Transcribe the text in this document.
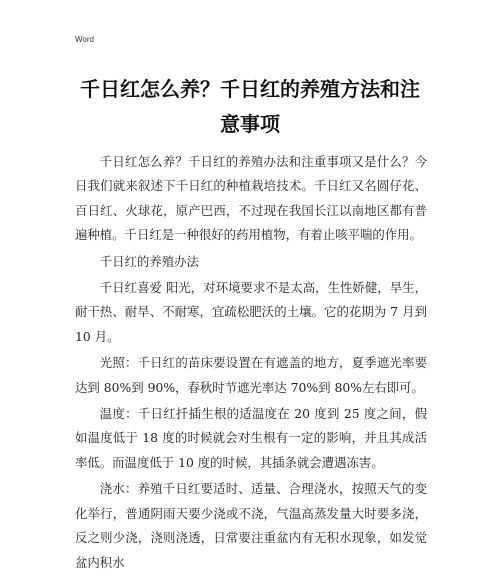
Word
千日红怎么养？千日红的养殖方法和注意事项

千日红怎么养？千日红的养殖办法和注重事项又是什么？今日我们就来叙述下千日红的种植栽培技术。千日红又名圆仔花、百日红、火球花，原产巴西，不过现在我国长江以南地区都有普遍种植。千日红是一种很好的药用植物，有着止咳平喘的作用。

千日红的养殖办法

千日红喜爱 阳光，对环境要求不是太高，生性娇健，旱生，耐干热、耐旱、不耐寒，宜疏松肥沃的土壤。它的花期为 7 月到 10 月。

光照：千日红的苗床要设置在有遮盖的地方，夏季遮光率要达到 80%到 90%，春秋时节遮光率达 70%到 80%左右即可。

温度：千日红扦插生根的适温度在 20 度到 25 度之间，假如温度低于 18 度的时候就会对生根有一定的影响，并且其成活率低。而温度低于 10 度的时候，其插条就会遭遇冻害。

浇水：养殖千日红要适时、适量、合理浇水，按照天气的变化举行，普通阴雨天要少浇或不浇，气温高蒸发量大时要多浇，反之则少浇，浇则浇透，日常要注重盆内有无积水现象，如发觉盆内积水
